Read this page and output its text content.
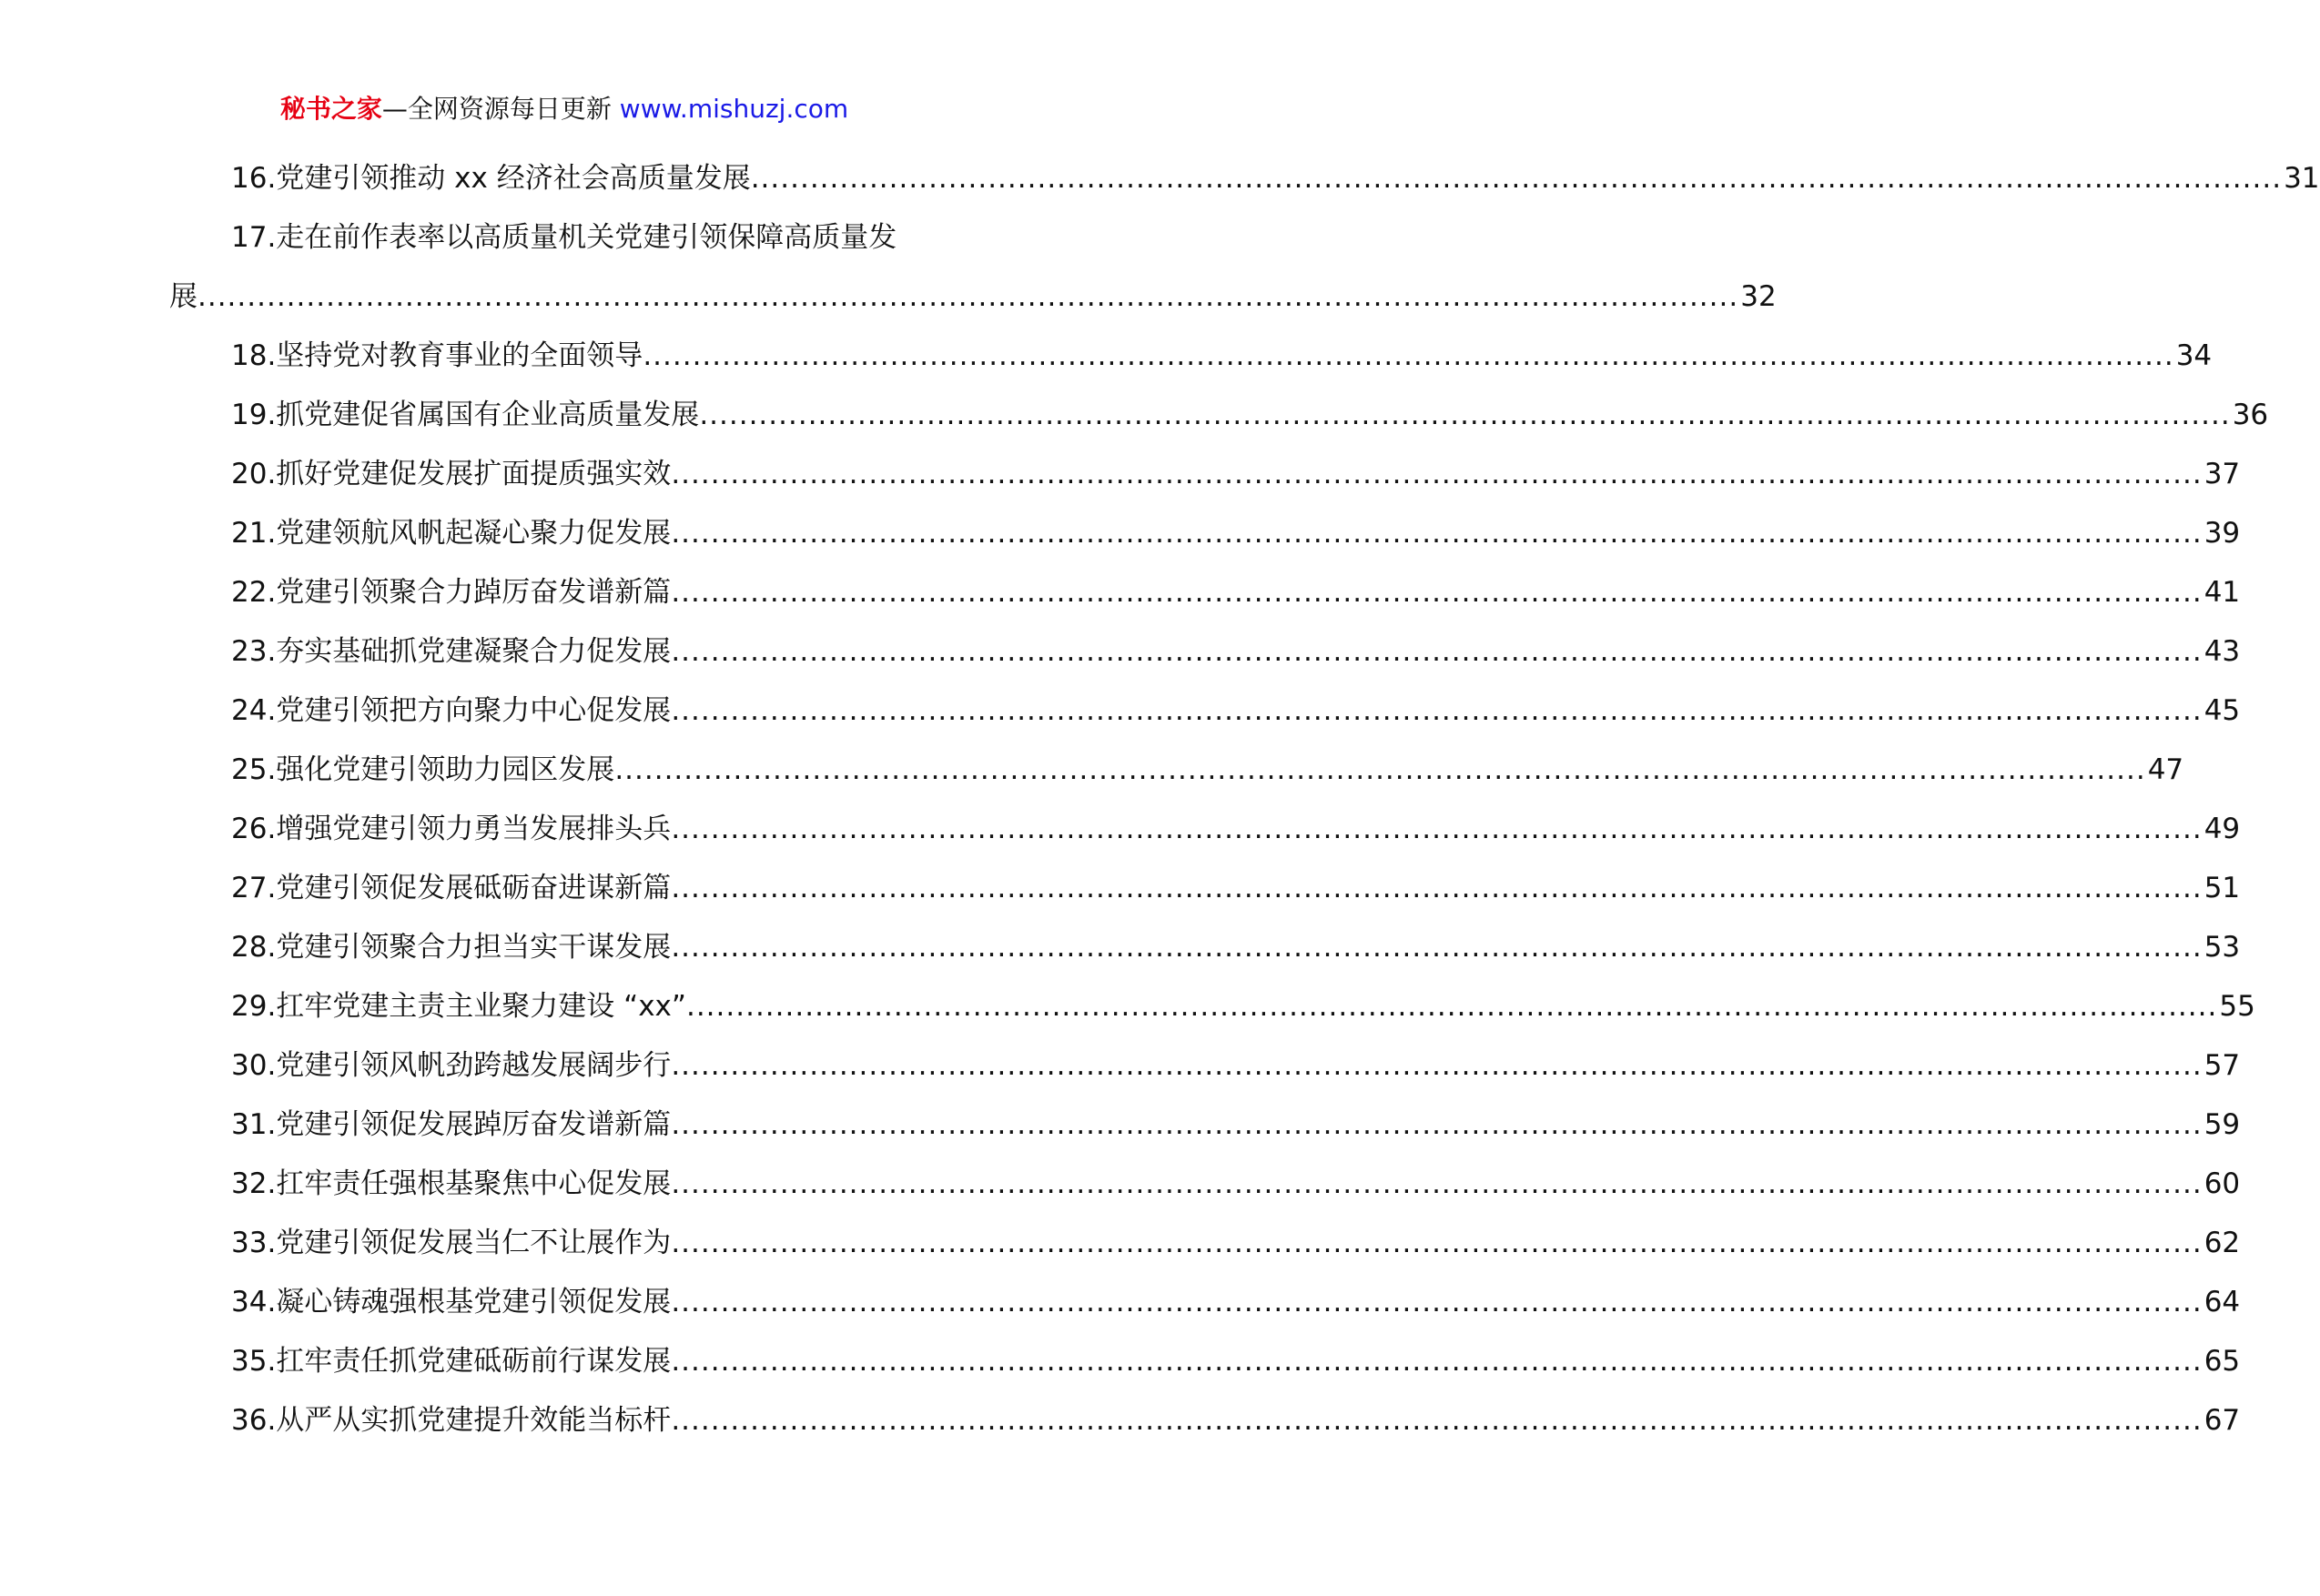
秘书之家—全网资源每日更新 www.mishuzj.com
16.党建引领推动 xx 经济社会高质量发展 .....	31
17.走在前作表率以高质量机关党建引领保障高质量发
展 ............................................................................................................................................................ 32
18.坚持党对教育事业的全面领导 .....	34
19.抓党建促省属国有企业高质量发展 .....	36
20.抓好党建促发展扩面提质强实效 .....	37
21.党建领航风帆起凝心聚力促发展 .....	39
22.党建引领聚合力踔厉奋发谱新篇 .....	41
23.夯实基础抓党建凝聚合力促发展 .....	43
24.党建引领把方向聚力中心促发展 .....	45
25.强化党建引领助力园区发展 .....	47
26.增强党建引领力勇当发展排头兵 .....	49
27.党建引领促发展砥砺奋进谋新篇 .....	51
28.党建引领聚合力担当实干谋发展 .....	53
29.扛牢党建主责主业聚力建设 “xx” .....	55
30.党建引领风帆劲跨越发展阔步行 .....	57
31.党建引领促发展踔厉奋发谱新篇 .....	59
32.扛牢责任强根基聚焦中心促发展 .....	60
33.党建引领促发展当仁不让展作为 .....	62
34.凝心铸魂强根基党建引领促发展 .....	64
35.扛牢责任抓党建砥砺前行谋发展 .....	65
36.从严从实抓党建提升效能当标杆 .....	67
